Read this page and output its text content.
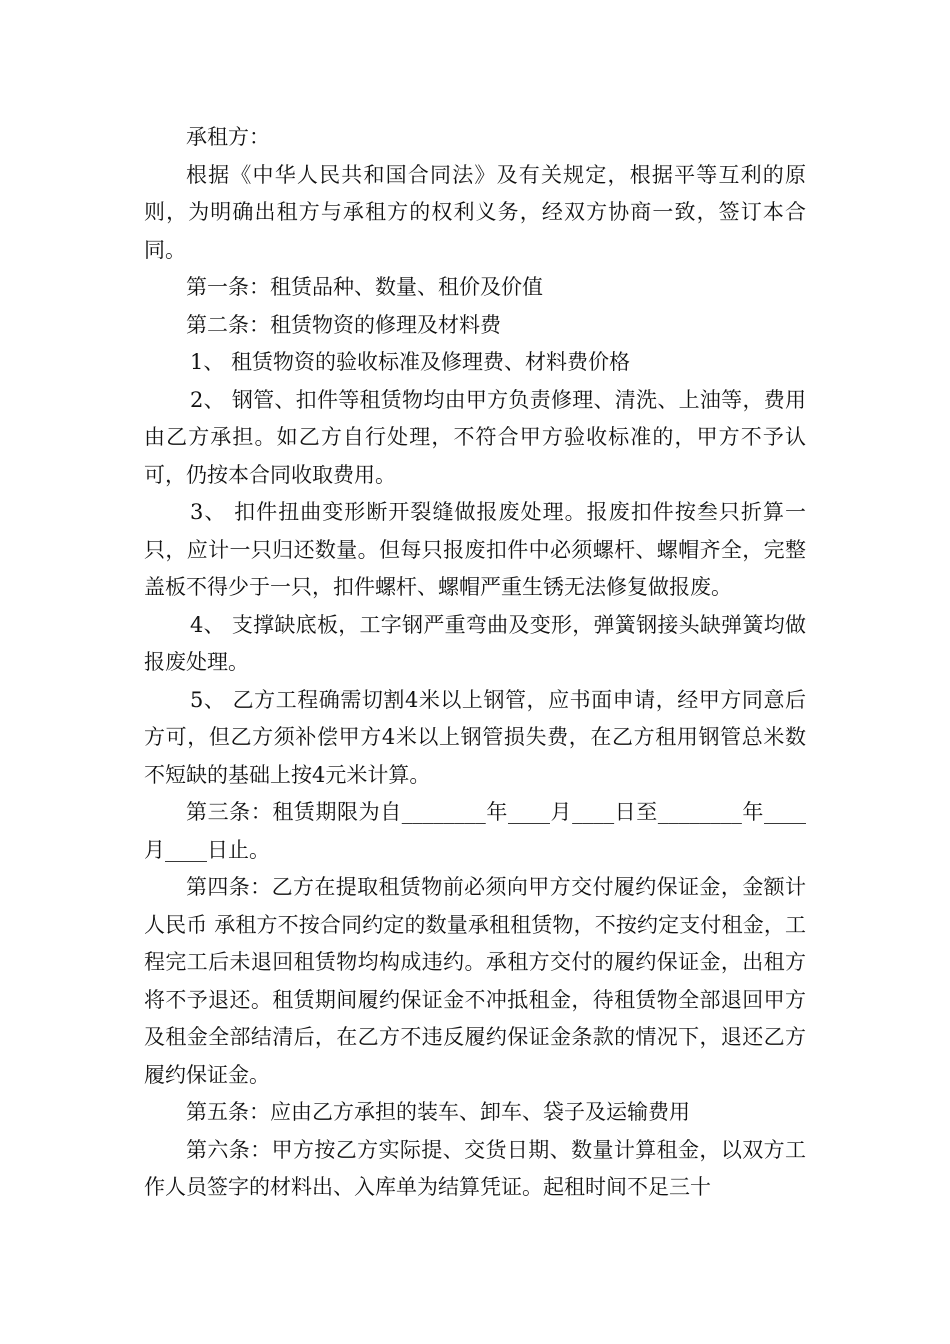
承租方：

根据《中华人民共和国合同法》及有关规定，根据平等互利的原则，为明确出租方与承租方的权利义务，经双方协商一致，签订本合同。

第一条：租赁品种、数量、租价及价值

第二条：租赁物资的修理及材料费

1、 租赁物资的验收标准及修理费、材料费价格

2、 钢管、扣件等租赁物均由甲方负责修理、清洗、上油等，费用由乙方承担。如乙方自行处理，不符合甲方验收标准的，甲方不予认可，仍按本合同收取费用。

3、 扣件扭曲变形断开裂缝做报废处理。报废扣件按叁只折算一只，应计一只归还数量。但每只报废扣件中必须螺杆、螺帽齐全，完整盖板不得少于一只，扣件螺杆、螺帽严重生锈无法修复做报废。

4、 支撑缺底板，工字钢严重弯曲及变形，弹簧钢接头缺弹簧均做报废处理。

5、 乙方工程确需切割4米以上钢管，应书面申请，经甲方同意后方可，但乙方须补偿甲方4米以上钢管损失费，在乙方租用钢管总米数不短缺的基础上按4元米计算。

第三条：租赁期限为自________年____月____日至________年____月____日止。

第四条：乙方在提取租赁物前必须向甲方交付履约保证金，金额计人民币 承租方不按合同约定的数量承租租赁物，不按约定支付租金，工程完工后未退回租赁物均构成违约。承租方交付的履约保证金，出租方将不予退还。租赁期间履约保证金不冲抵租金，待租赁物全部退回甲方及租金全部结清后，在乙方不违反履约保证金条款的情况下，退还乙方履约保证金。

第五条：应由乙方承担的装车、卸车、袋子及运输费用

第六条：甲方按乙方实际提、交货日期、数量计算租金，以双方工作人员签字的材料出、入库单为结算凭证。起租时间不足三十
